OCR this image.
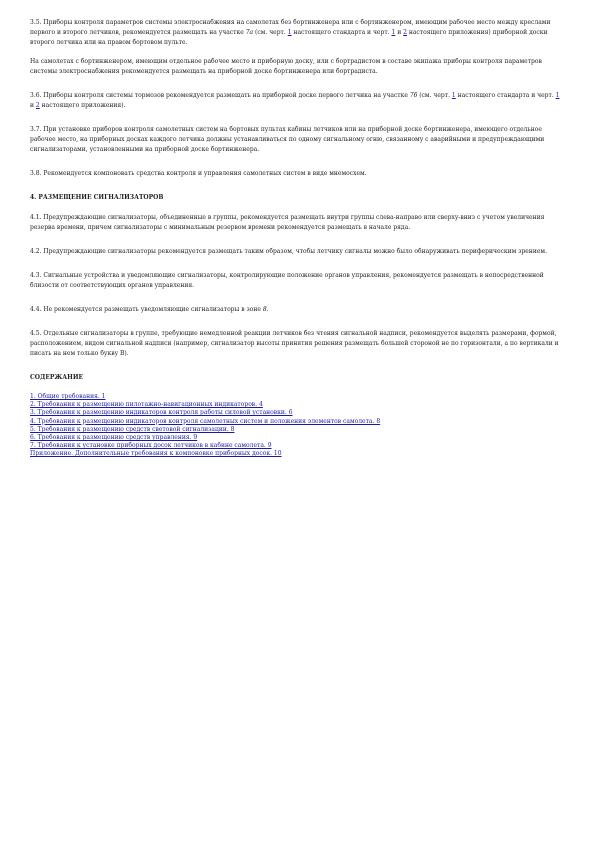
3.5. Приборы контроля параметров системы электроснабжения на самолетах без бортинженера или с бортинженером, имеющим рабочее место между креслами первого и второго летчиков, рекомендуется размещать на участке 7а (см. черт. 1 настоящего стандарта и черт. 1 и 2 настоящего приложения) приборной доски второго летчика или на правом бортовом пульте.

На самолетах с бортинженером, имеющим отдельное рабочее место и приборную доску, или с бортрадистом в составе экипажа приборы контроля параметров системы электроснабжения рекомендуется размещать на приборной доске бортинженера или бортрадиста.

3.6. Приборы контроля системы тормозов рекомендуется размещать на приборной доске первого летчика на участке 7б (см. черт. 1 настоящего стандарта и черт. 1 и 2 настоящего приложения).

3.7. При установке приборов контроля самолетных систем на бортовых пультах кабины летчиков или на приборной доске бортинженера, имеющего отдельное рабочее место, на приборных досках каждого летчика должны устанавливаться по одному сигнальному огню, связанному с аварийными и предупреждающими сигнализаторами, установленными на приборной доске бортинженера.

3.8. Рекомендуется компоновать средства контроля и управления самолетных систем в виде мнемосхем.

4. РАЗМЕЩЕНИЕ СИГНАЛИЗАТОРОВ

4.1. Предупреждающие сигнализаторы, объединенные в группы, рекомендуется размещать внутри группы слева-направо или сверху-вниз с учетом увеличения резерва времени, причем сигнализаторы с минимальным резервом времени рекомендуется размещать в начале ряда.

4.2. Предупреждающие сигнализаторы рекомендуется размещать таким образом, чтобы летчику сигналы можно было обнаруживать периферическим зрением.

4.3. Сигнальные устройства и уведомляющие сигнализаторы, контролирующие положение органов управления, рекомендуется размещать в непосредственной близости от соответствующих органов управления.

4.4. Не рекомендуется размещать уведомляющие сигнализаторы в зоне 8.

4.5. Отдельные сигнализаторы в группе, требующие немедленной реакции летчиков без чтения сигнальной надписи, рекомендуется выделять размерами, формой, расположением, видом сигнальной надписи (например, сигнализатор высоты принятия решения размещать большей стороной не по горизонтали, а по вертикали и писать на нем только букву В).

СОДЕРЖАНИЕ
1. Общие требования. 1
2. Требования к размещению пилотажно-навигационных индикаторов. 4
3. Требования к размещению индикаторов контроля работы силовой установки. 6
4. Требования к размещению индикаторов контроля самолетных систем и положения элементов самолета. 8
5. Требования к размещению средств световой сигнализации. 8
6. Требования к размещению средств управления. 9
7. Требования к установке приборных досок летчиков в кабине самолета. 9
Приложение. Дополнительные требования к компоновке приборных досок. 10
